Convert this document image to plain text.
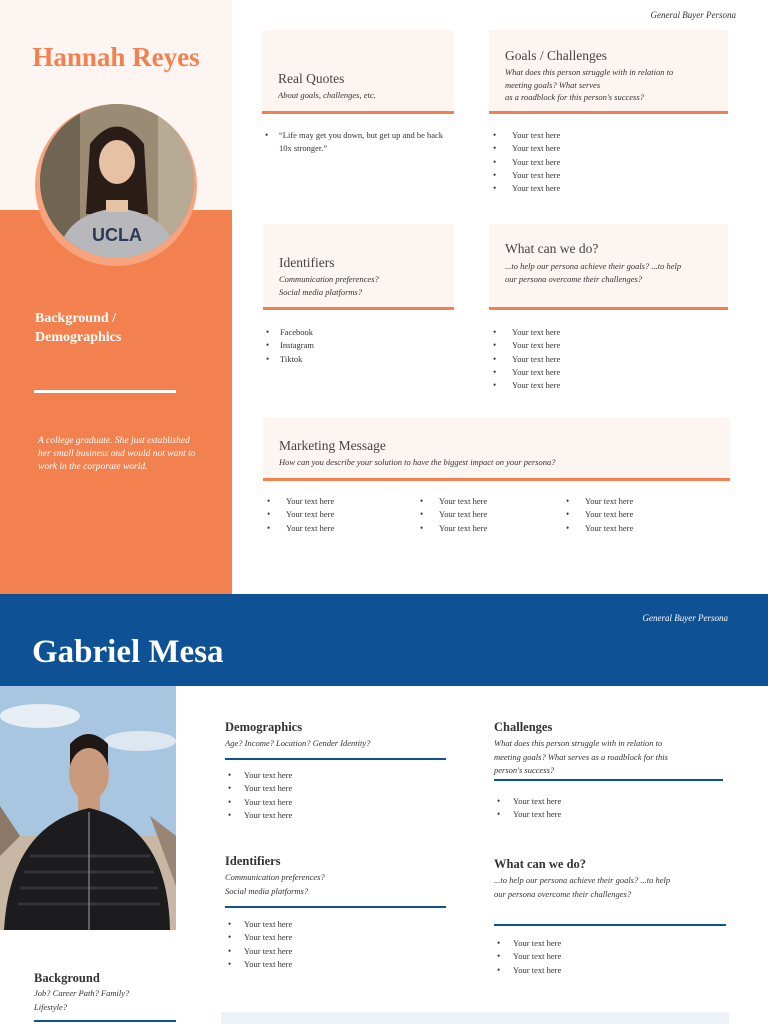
General Buyer Persona
Hannah Reyes
UCLA
Background /
Demographics
A college graduate. She just established her small business and would not want to work in the corporate world.
Real Quotes
About goals, challenges, etc.
• “Life may get you down, but get up and be back 10x stronger.”
Goals / Challenges
What does this person struggle with in relation to
meeting goals? What serves
as a roadblock for this person's success?
• Your text here
• Your text here
• Your text here
• Your text here
• Your text here
Identifiers
Communication preferences?
Social media platforms?
• Facebook
• Instagram
• Tiktok
What can we do?
...to help our persona achieve their goals? ...to help
our persona overcome their challenges?
• Your text here
• Your text here
• Your text here
• Your text here
• Your text here
Marketing Message
How can you describe your solution to have the biggest impact on your persona?
• Your text here
• Your text here
• Your text here
• Your text here
• Your text here
• Your text here
• Your text here
• Your text here
• Your text here
General Buyer Persona
Gabriel Mesa
Demographics
Age? Income? Location? Gender Identity?
• Your text here
• Your text here
• Your text here
• Your text here
Challenges
What does this person struggle with in relation to
meeting goals? What serves as a roadblock for this
person's success?
• Your text here
• Your text here
Identifiers
Communication preferences?
Social media platforms?
• Your text here
• Your text here
• Your text here
• Your text here
What can we do?
...to help our persona achieve their goals? ...to help
our persona overcome their challenges?
• Your text here
• Your text here
• Your text here
Background
Job? Career Path? Family?
Lifestyle?
